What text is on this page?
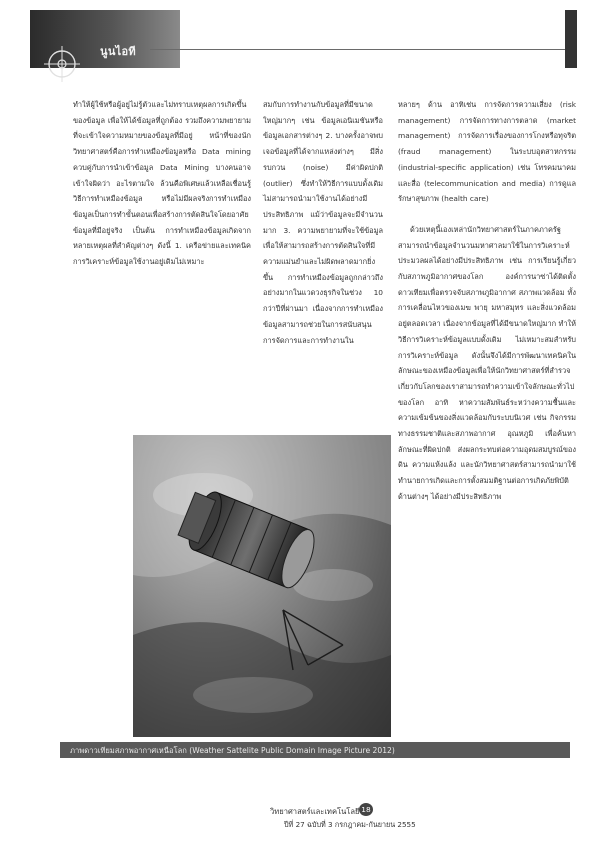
นูนไอที

ทำให้ผู้ใช้หรือผู้อยู่ไม่รู้ตัวและไม่ทราบเหตุผลการเกิดขึ้นของข้อมูล เพื่อให้ได้ข้อมูลที่ถูกต้อง รวมถึงความพยายามที่จะเข้าใจความหมายของข้อมูลที่มีอยู่ หน้าที่ของนักวิทยาศาสตร์คือการทำเหมืองข้อมูลหรือ Data mining ควบคู่กับการนำเข้าข้อมูล Data Mining บางคนอาจเข้าใจผิดว่า อะไรตามใจ ล้วนคือพิเศษแล้วเหลือเชื่อนรู้วิธีการทำเหมืองข้อมูล หรือไม่มีผลจริงการทำเหมืองข้อมูลเป็นการทำขั้นตอนเพื่อสร้างการตัดสินใจโดยอาศัยข้อมูลที่มีอยู่จริง เป็นต้น การทำเหมืองข้อมูลเกิดจากหลายเหตุผลที่สำคัญต่างๆ ดังนี้ 1. เครือข่ายและเทคนิคการวิเคราะห์ข้อมูลใช้งานอยู่เดิมไม่เหมาะ

สมกับการทำงานกับข้อมูลที่มีขนาดใหญ่มากๆ เช่น ข้อมูลเอนิเมชันหรือข้อมูลเอกสารต่างๆ 2. บางครั้งอาจพบเจอข้อมูลที่ได้จากแหล่งต่างๆ มีสิ่งรบกวน (noise) มีค่าผิดปกติ (outlier) ซึ่งทำให้วิธีการแบบดั้งเดิมไม่สามารถนำมาใช้งานได้อย่างมีประสิทธิภาพ แม้ว่าข้อมูลจะมีจำนวนมาก 3. ความพยายามที่จะใช้ข้อมูลเพื่อให้สามารถสร้างการตัดสินใจที่มีความแม่นยำและไม่ผิดพลาดมากยิ่งขึ้น การทำเหมืองข้อมูลถูกกล่าวถึงอย่างมากในแวดวงธุรกิจในช่วง 10 กว่าปีที่ผ่านมา เนื่องจากการทำเหมืองข้อมูลสามารถช่วยในการสนับสนุนการจัดการและการทำงานใน

หลายๆ ด้าน อาทิเช่น การจัดการความเสี่ยง (risk management) การจัดการทางการตลาด (market management) การจัดการเรื่องของการโกงหรือทุจริต (fraud management) ในระบบอุตสาหกรรม (industrial-specific application) เช่น โทรคมนาคมและสื่อ (telecommunication and media) การดูแลรักษาสุขภาพ (health care)

ด้วยเหตุนี้เองเหล่านักวิทยาศาสตร์ในภาคภาครัฐสามารถนำข้อมูลจำนวนมหาศาลมาใช้ในการวิเคราะห์ประมวลผลได้อย่างมีประสิทธิภาพ เช่น การเรียนรู้เกี่ยวกับสภาพภูมิอากาศของโลก องค์การนาซ่าได้ติดตั้งดาวเทียมเพื่อตรวจจับสภาพภูมิอากาศ สภาพแวดล้อม ทั้งการเคลื่อนไหวของเมฆ พายุ มหาสมุทร และสิ่งแวดล้อม อยู่ตลอดเวลา เนื่องจากข้อมูลที่ได้มีขนาดใหญ่มาก ทำให้วิธีการวิเคราะห์ข้อมูลแบบดั้งเดิม ไม่เหมาะสมสำหรับการวิเคราะห์ข้อมูล ดังนั้นจึงได้มีการพัฒนาเทคนิคในลักษณะของเหมืองข้อมูลเพื่อให้นักวิทยาศาสตร์ที่สำรวจเกี่ยวกับโลกของเราสามารถทำความเข้าใจลักษณะทั่วไปของโลก อาทิ หาความสัมพันธ์ระหว่างความชื้นและความเข้มข้นของสิ่งแวดล้อมกับระบบนิเวศ เช่น กิจกรรมทางธรรมชาติและสภาพอากาศ อุณหภูมิ เพื่อค้นหาลักษณะที่ผิดปกติ ส่งผลกระทบต่อความอุดมสมบูรณ์ของดิน ความแห้งแล้ง และนักวิทยาศาสตร์สามารถนำมาใช้ทำนายการเกิดและการตั้งสมมติฐานต่อการเกิดภัยพิบัติด้านต่างๆ ได้อย่างมีประสิทธิภาพ

ภาพดาวเทียมสภาพอากาศเหนือโลก (Weather Sattelite Public Domain Image Picture 2012)
วิทยาศาสตร์และเทคโนโลยี 18
ปีที่ 27 ฉบับที่ 3 กรกฎาคม-กันยายน 2555
